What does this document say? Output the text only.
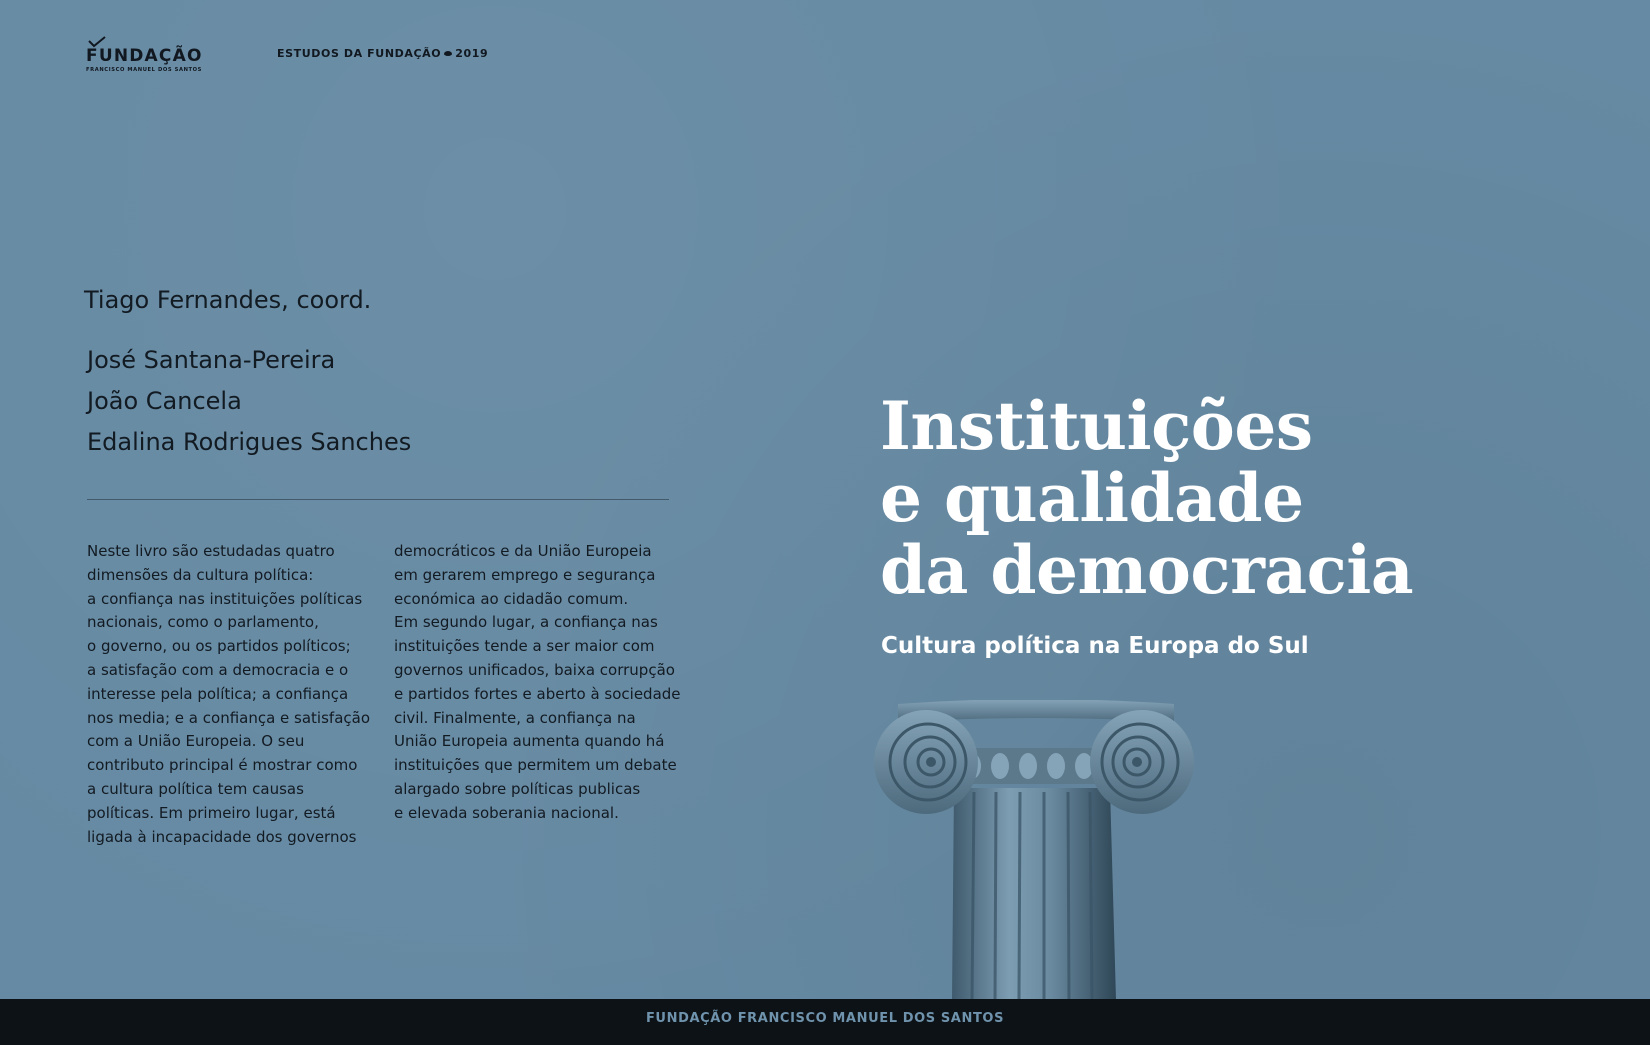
FUNDAÇÃO
FRANCISCO MANUEL DOS SANTOS
ESTUDOS DA FUNDAÇÃO 2019
Tiago Fernandes, coord.
José Santana-Pereira
João Cancela
Edalina Rodrigues Sanches

Neste livro são estudadas quatro
dimensões da cultura política:
a confiança nas instituições políticas
nacionais, como o parlamento,
o governo, ou os partidos políticos;
a satisfação com a democracia e o
interesse pela política; a confiança
nos media; e a confiança e satisfação
com a União Europeia. O seu
contributo principal é mostrar como
a cultura política tem causas
políticas. Em primeiro lugar, está
ligada à incapacidade dos governos

democráticos e da União Europeia
em gerarem emprego e segurança
económica ao cidadão comum.
Em segundo lugar, a confiança nas
instituições tende a ser maior com
governos unificados, baixa corrupção
e partidos fortes e aberto à sociedade
civil. Finalmente, a confiança na
União Europeia aumenta quando há
instituições que permitem um debate
alargado sobre políticas publicas
e elevada soberania nacional.

Instituições
e qualidade
da democracia
Cultura política na Europa do Sul
FUNDAÇÃO FRANCISCO MANUEL DOS SANTOS
